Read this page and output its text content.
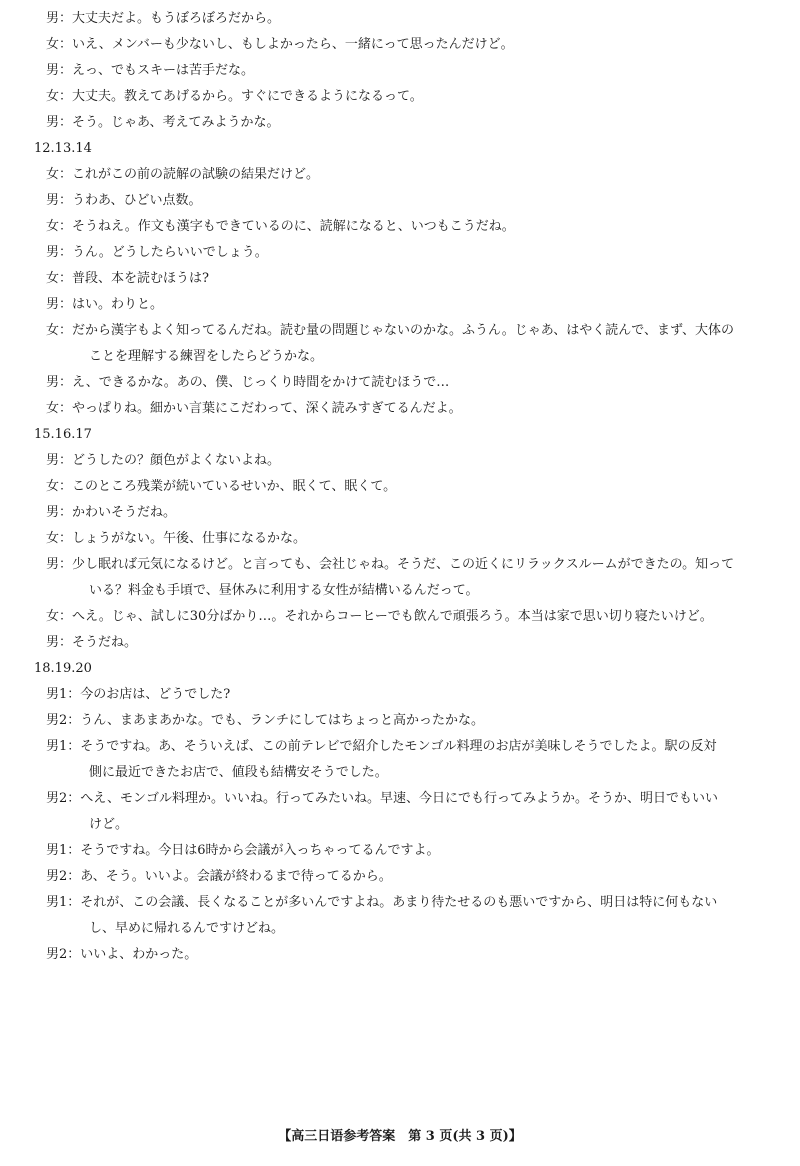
男：大丈夫だよ。もうぼろぼろだから。
女：いえ、メンバーも少ないし、もしよかったら、一緒にって思ったんだけど。
男：えっ、でもスキーは苦手だな。
女：大丈夫。教えてあげるから。すぐにできるようになるって。
男：そう。じゃあ、考えてみようかな。
12.13.14
女：これがこの前の読解の試験の結果だけど。
男：うわあ、ひどい点数。
女：そうねえ。作文も漢字もできているのに、読解になると、いつもこうだね。
男：うん。どうしたらいいでしょう。
女：普段、本を読むほうは?
男：はい。わりと。
女：だから漢字もよく知ってるんだね。読む量の問題じゃないのかな。ふうん。じゃあ、はやく読んで、まず、大体の
ことを理解する練習をしたらどうかな。
男：え、できるかな。あの、僕、じっくり時間をかけて読むほうで…
女：やっぱりね。細かい言葉にこだわって、深く読みすぎてるんだよ。
15.16.17
男：どうしたの？顔色がよくないよね。
女：このところ残業が続いているせいか、眠くて、眠くて。
男：かわいそうだね。
女：しょうがない。午後、仕事になるかな。
男：少し眠れば元気になるけど。と言っても、会社じゃね。そうだ、この近くにリラックスルームができたの。知って
いる？料金も手頃で、昼休みに利用する女性が結構いるんだって。
女：へえ。じゃ、試しに30分ばかり…。それからコーヒーでも飲んで頑張ろう。本当は家で思い切り寝たいけど。
男：そうだね。
18.19.20
男1：今のお店は、どうでした?
男2：うん、まあまあかな。でも、ランチにしてはちょっと高かったかな。
男1：そうですね。あ、そういえば、この前テレビで紹介したモンゴル料理のお店が美味しそうでしたよ。駅の反対
側に最近できたお店で、値段も結構安そうでした。
男2：へえ、モンゴル料理か。いいね。行ってみたいね。早速、今日にでも行ってみようか。そうか、明日でもいい
けど。
男1：そうですね。今日は6時から会議が入っちゃってるんですよ。
男2：あ、そう。いいよ。会議が終わるまで待ってるから。
男1：それが、この会議、長くなることが多いんですよね。あまり待たせるのも悪いですから、明日は特に何もない
し、早めに帰れるんですけどね。
男2：いいよ、わかった。
【高三日语参考答案　第 3 页(共 3 页)】
